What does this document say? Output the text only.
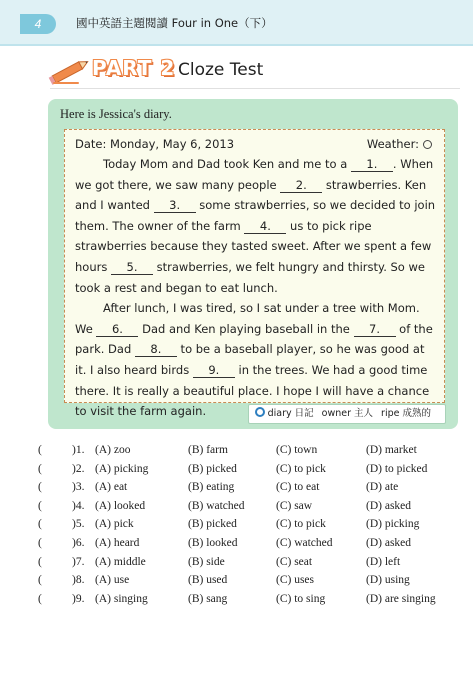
4	國中英語主題閱讀 Four in One（下）
PART 2 Cloze Test
Here is Jessica's diary.
Date: Monday, May 6, 2013	Weather:

Today Mom and Dad took Ken and me to a 1. . When we got there, we saw many people 2. strawberries. Ken and I wanted 3. some strawberries, so we decided to join them. The owner of the farm 4. us to pick ripe strawberries because they tasted sweet. After we spent a few hours 5. strawberries, we felt hungry and thirsty. So we took a rest and began to eat lunch.

After lunch, I was tired, so I sat under a tree with Mom. We 6. Dad and Ken playing baseball in the 7. of the park. Dad 8. to be a baseball player, so he was good at it. I also heard birds 9. in the trees. We had a good time there. It is really a beautiful place. I hope I will have a chance to visit the farm again.	diary 日記 owner 主人 ripe 成熟的
(	)1. (A) zoo	(B) farm	(C) town	(D) market
(	)2. (A) picking	(B) picked	(C) to pick	(D) to picked
(	)3. (A) eat	(B) eating	(C) to eat	(D) ate
(	)4. (A) looked	(B) watched	(C) saw	(D) asked
(	)5. (A) pick	(B) picked	(C) to pick	(D) picking
(	)6. (A) heard	(B) looked	(C) watched	(D) asked
(	)7. (A) middle	(B) side	(C) seat	(D) left
(	)8. (A) use	(B) used	(C) uses	(D) using
(	)9. (A) singing	(B) sang	(C) to sing	(D) are singing
